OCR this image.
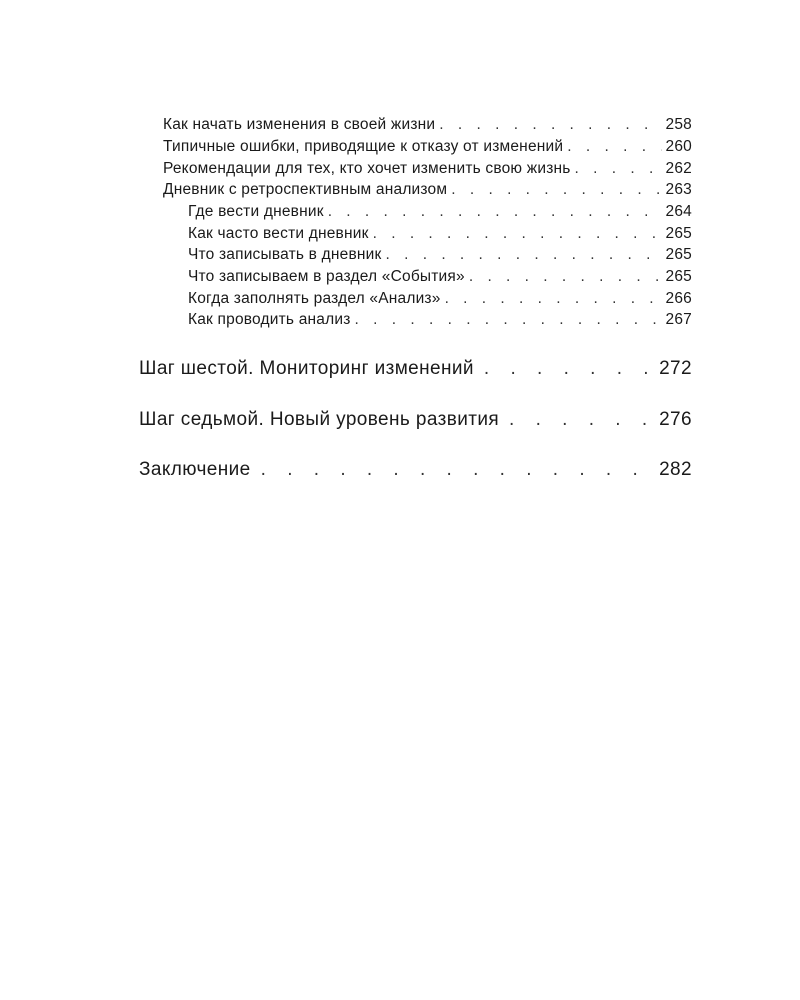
Как начать изменения в своей жизни . . .	258
Типичные ошибки, приводящие к отказу от изменений . . .	260
Рекомендации для тех, кто хочет изменить свою жизнь . . .	262
Дневник с ретроспективным анализом . . .	263
Где вести дневник . . .	264
Как часто вести дневник . . .	265
Что записывать в дневник . . .	265
Что записываем в раздел «События» . . .	265
Когда заполнять раздел «Анализ» . . .	266
Как проводить анализ . . .	267
Шаг шестой. Мониторинг изменений . . .	272
Шаг седьмой. Новый уровень развития . . .	276
Заключение . . .	282
